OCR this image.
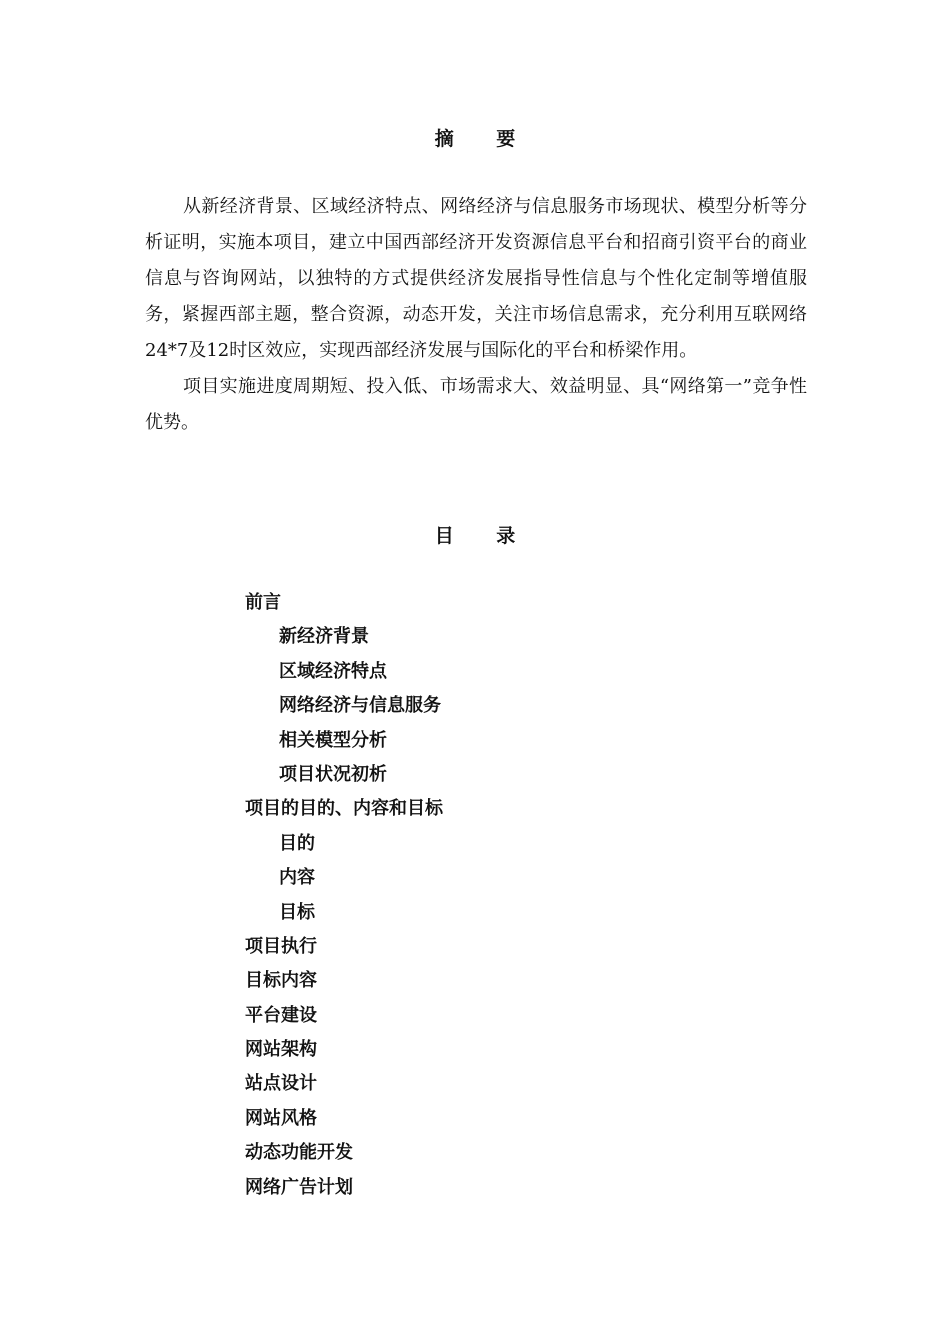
摘 要

从新经济背景、区域经济特点、网络经济与信息服务市场现状、模型分析等分析证明，实施本项目，建立中国西部经济开发资源信息平台和招商引资平台的商业信息与咨询网站，以独特的方式提供经济发展指导性信息与个性化定制等增值服务，紧握西部主题，整合资源，动态开发，关注市场信息需求，充分利用互联网络24*7及12时区效应，实现西部经济发展与国际化的平台和桥梁作用。

项目实施进度周期短、投入低、市场需求大、效益明显、具“网络第一”竞争性优势。

目 录
前言
新经济背景
区域经济特点
网络经济与信息服务
相关模型分析
项目状况初析
项目的目的、内容和目标
目的
内容
目标
项目执行
目标内容
平台建设
网站架构
站点设计
网站风格
动态功能开发
网络广告计划
